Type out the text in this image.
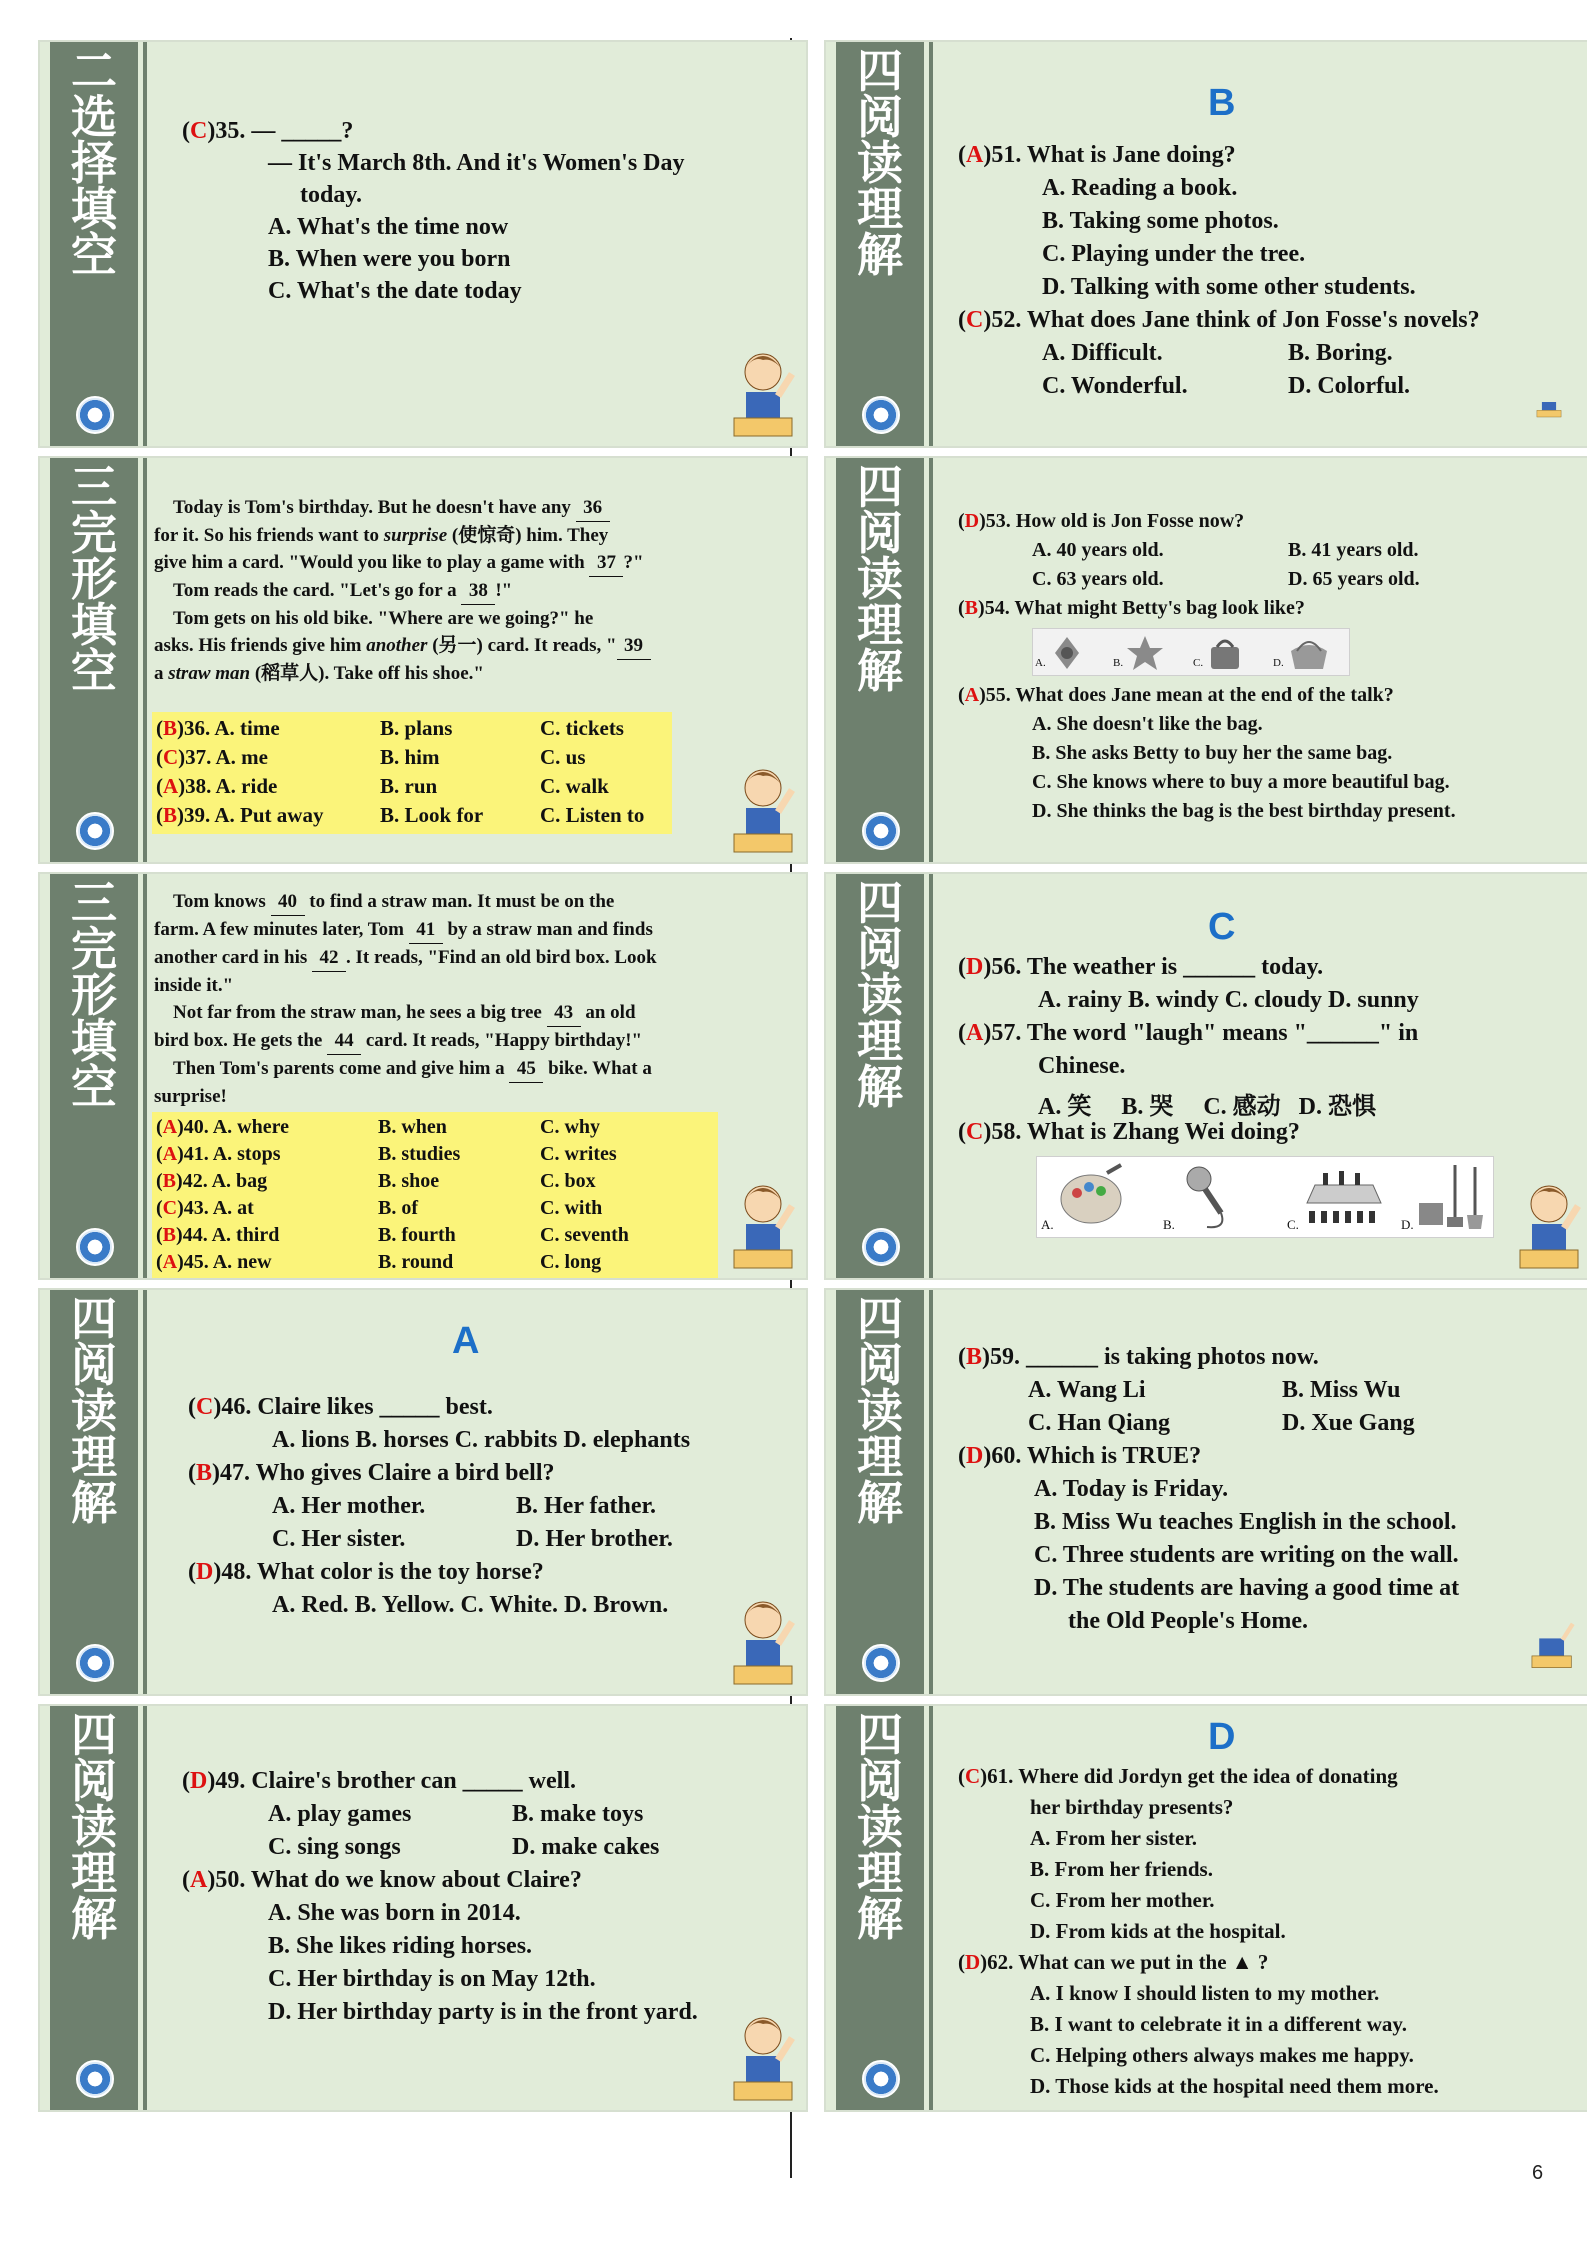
二
选
择
填
空
(C)35. — _____?
— It's March 8th. And it's Women's Day
today.
A. What's the time now
B. When were you born
C. What's the date today
三
完
形
填
空
Today is Tom's birthday. But he doesn't have any 36
for it. So his friends want to surprise (使惊奇) him. They
give him a card. "Would you like to play a game with 37 ?"
Tom reads the card. "Let's go for a 38 !"
Tom gets on his old bike. "Where are we going?" he
asks. His friends give him another (另一) card. It reads, " 39
a straw man (稻草人). Take off his shoe."
(B)36. A. time	B. plans	C. tickets
(C)37. A. me	B. him	C. us
(A)38. A. ride	B. run	C. walk
(B)39. A. Put away	B. Look for	C. Listen to
三
完
形
填
空
Tom knows 40 to find a straw man. It must be on the
farm. A few minutes later, Tom 41 by a straw man and finds
another card in his 42 . It reads, "Find an old bird box. Look
inside it."
Not far from the straw man, he sees a big tree 43 an old
bird box. He gets the 44 card. It reads, "Happy birthday!"
Then Tom's parents come and give him a 45 bike. What a
surprise!
(A)40. A. where	B. when	C. why
(A)41. A. stops	B. studies	C. writes
(B)42. A. bag	B. shoe	C. box
(C)43. A. at	B. of	C. with
(B)44. A. third	B. fourth	C. seventh
(A)45. A. new	B. round	C. long
四
阅
读
理
解
A
(C)46. Claire likes _____ best.
A. lions B. horses C. rabbits D. elephants
(B)47. Who gives Claire a bird bell?
A. Her mother.	B. Her father.
C. Her sister.	D. Her brother.
(D)48. What color is the toy horse?
A. Red. B. Yellow. C. White. D. Brown.
四
阅
读
理
解
(D)49. Claire's brother can _____ well.
A. play games	B. make toys
C. sing songs	D. make cakes
(A)50. What do we know about Claire?
A. She was born in 2014.
B. She likes riding horses.
C. Her birthday is on May 12th.
D. Her birthday party is in the front yard.
四
阅
读
理
解
B
(A)51. What is Jane doing?
A. Reading a book.
B. Taking some photos.
C. Playing under the tree.
D. Talking with some other students.
(C)52. What does Jane think of Jon Fosse's novels?
A. Difficult.	B. Boring.
C. Wonderful.	D. Colorful.
四
阅
读
理
解
(D)53. How old is Jon Fosse now?
A. 40 years old.	B. 41 years old.
C. 63 years old.	D. 65 years old.
(B)54. What might Betty's bag look like?
A.	B.	C.	D.
(A)55. What does Jane mean at the end of the talk?
A. She doesn't like the bag.
B. She asks Betty to buy her the same bag.
C. She knows where to buy a more beautiful bag.
D. She thinks the bag is the best birthday present.
四
阅
读
理
解
C
(D)56. The weather is ______ today.
A. rainy B. windy C. cloudy D. sunny
(A)57. The word "laugh" means "______" in
Chinese.
A. 笑     B. 哭     C. 感动   D. 恐惧
(C)58. What is Zhang Wei doing?
A.	B.	C.	D.
四
阅
读
理
解
(B)59. ______ is taking photos now.
A. Wang Li	B. Miss Wu
C. Han Qiang	D. Xue Gang
(D)60. Which is TRUE?
A. Today is Friday.
B. Miss Wu teaches English in the school.
C. Three students are writing on the wall.
D. The students are having a good time at
the Old People's Home.
四
阅
读
理
解
D
(C)61. Where did Jordyn get the idea of donating
her birthday presents?
A. From her sister.
B. From her friends.
C. From her mother.
D. From kids at the hospital.
(D)62. What can we put in the ▲ ?
A. I know I should listen to my mother.
B. I want to celebrate it in a different way.
C. Helping others always makes me happy.
D. Those kids at the hospital need them more.
6
